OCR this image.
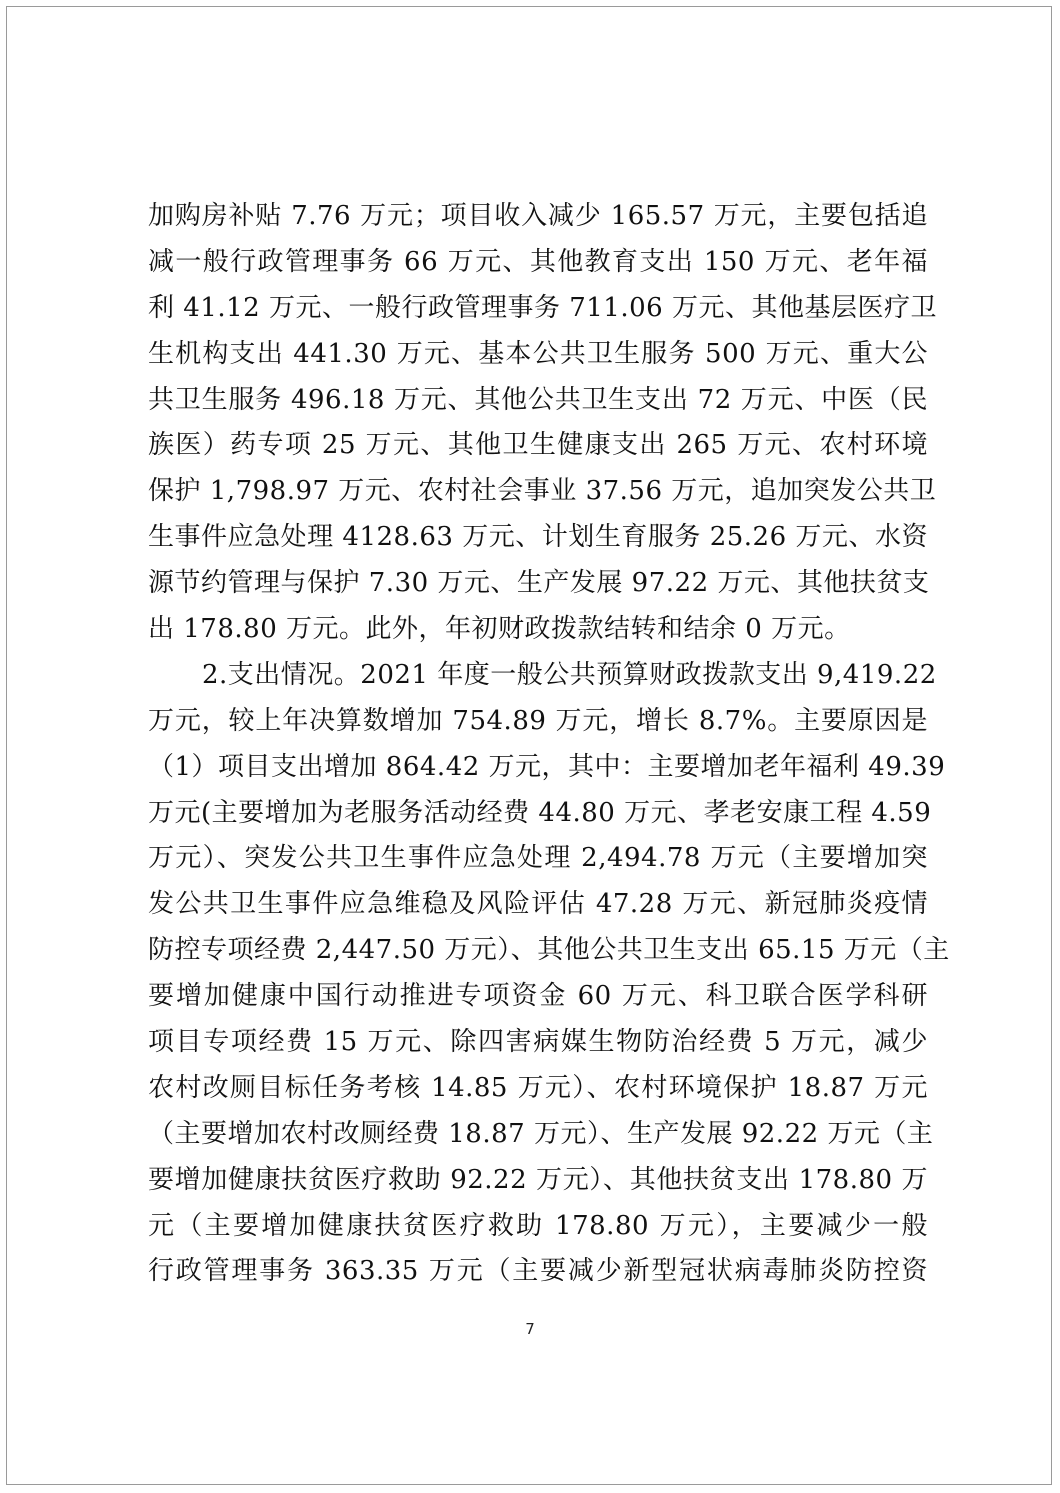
加购房补贴 7.76 万元；项目收入减少 165.57 万元，主要包括追
减一般行政管理事务 66 万元、其他教育支出 150 万元、老年福
利 41.12 万元、一般行政管理事务 711.06 万元、其他基层医疗卫
生机构支出 441.30 万元、基本公共卫生服务 500 万元、重大公
共卫生服务 496.18 万元、其他公共卫生支出 72 万元、中医（民
族医）药专项 25 万元、其他卫生健康支出 265 万元、农村环境
保护 1,798.97 万元、农村社会事业 37.56 万元，追加突发公共卫
生事件应急处理 4128.63 万元、计划生育服务 25.26 万元、水资
源节约管理与保护 7.30 万元、生产发展 97.22 万元、其他扶贫支
出 178.80 万元。此外，年初财政拨款结转和结余 0 万元。
2.支出情况。2021 年度一般公共预算财政拨款支出 9,419.22
万元，较上年决算数增加 754.89 万元，增长 8.7%。主要原因是
（1）项目支出增加 864.42 万元，其中：主要增加老年福利 49.39
万元(主要增加为老服务活动经费 44.80 万元、孝老安康工程 4.59
万元）、突发公共卫生事件应急处理 2,494.78 万元（主要增加突
发公共卫生事件应急维稳及风险评估 47.28 万元、新冠肺炎疫情
防控专项经费 2,447.50 万元）、其他公共卫生支出 65.15 万元（主
要增加健康中国行动推进专项资金 60 万元、科卫联合医学科研
项目专项经费 15 万元、除四害病媒生物防治经费 5 万元，减少
农村改厕目标任务考核 14.85 万元）、农村环境保护 18.87 万元
（主要增加农村改厕经费 18.87 万元）、生产发展 92.22 万元（主
要增加健康扶贫医疗救助 92.22 万元）、其他扶贫支出 178.80 万
元（主要增加健康扶贫医疗救助 178.80 万元），主要减少一般
行政管理事务 363.35 万元（主要减少新型冠状病毒肺炎防控资
7
